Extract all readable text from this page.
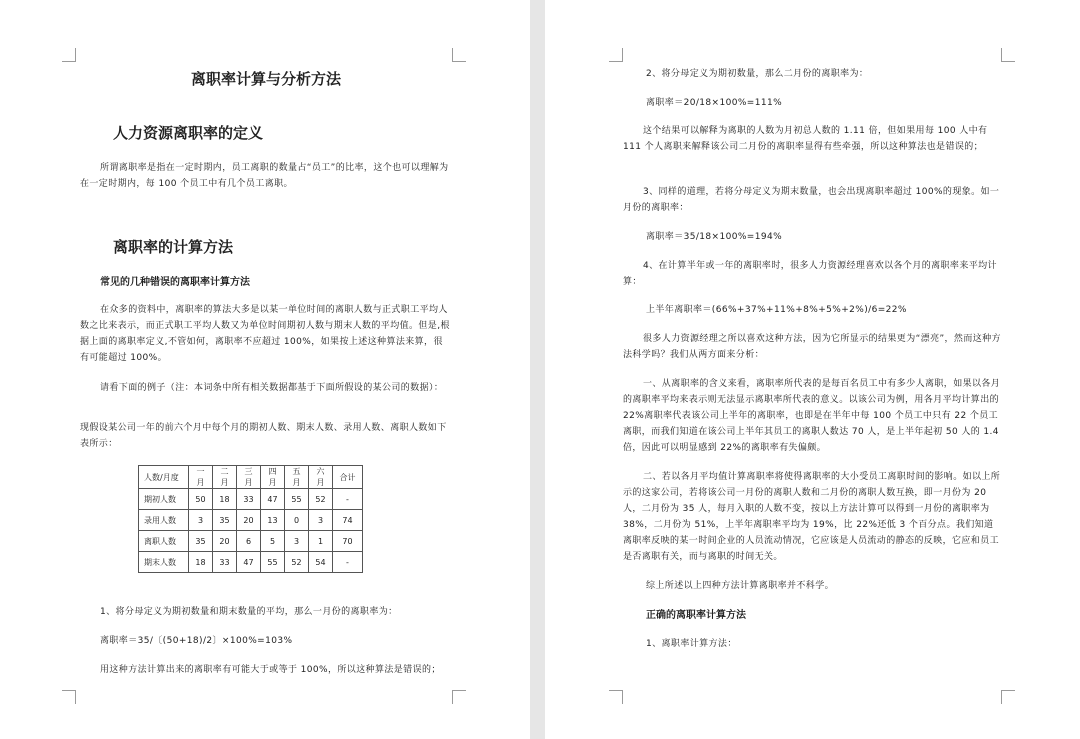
离职率计算与分析方法
人力资源离职率的定义
所谓离职率是指在一定时期内，员工离职的数量占“员工”的比率，这个也可以理解为在一定时期内，每 100 个员工中有几个员工离职。
离职率的计算方法
常见的几种错误的离职率计算方法
在众多的资料中，离职率的算法大多是以某一单位时间的离职人数与正式职工平均人数之比来表示，而正式职工平均人数又为单位时间期初人数与期末人数的平均值。但是,根据上面的离职率定义,不管如何，离职率不应超过 100%，如果按上述这种算法来算，很有可能超过 100%。
请看下面的例子（注：本词条中所有相关数据都基于下面所假设的某公司的数据）：
现假设某公司一年的前六个月中每个月的期初人数、期末人数、录用人数、离职人数如下表所示：
人数/月度	一月	二月	三月	四月	五月	六月	合计
期初人数	50	18	33	47	55	52	-
录用人数	3	35	20	13	0	3	74
离职人数	35	20	6	5	3	1	70
期末人数	18	33	47	55	52	54	-
1、将分母定义为期初数量和期末数量的平均，那么一月份的离职率为：
离职率＝35/〔(50+18)/2〕×100%=103%
用这种方法计算出来的离职率有可能大于或等于 100%，所以这种算法是错误的；
2、将分母定义为期初数量，那么二月份的离职率为：
离职率＝20/18×100%=111%
这个结果可以解释为离职的人数为月初总人数的 1.11 倍，但如果用每 100 人中有 111 个人离职来解释该公司二月份的离职率显得有些牵强，所以这种算法也是错误的；
3、同样的道理，若将分母定义为期末数量，也会出现离职率超过 100%的现象。如一月份的离职率：
离职率＝35/18×100%=194%
4、在计算半年或一年的离职率时，很多人力资源经理喜欢以各个月的离职率来平均计算：
上半年离职率＝(66%+37%+11%+8%+5%+2%)/6=22%
很多人力资源经理之所以喜欢这种方法，因为它所显示的结果更为“漂亮”，然而这种方法科学吗？我们从两方面来分析：
一、从离职率的含义来看，离职率所代表的是每百名员工中有多少人离职，如果以各月的离职率平均来表示则无法显示离职率所代表的意义。以该公司为例，用各月平均计算出的 22%离职率代表该公司上半年的离职率，也即是在半年中每 100 个员工中只有 22 个员工离职，而我们知道在该公司上半年其员工的离职人数达 70 人，是上半年起初 50 人的 1.4 倍，因此可以明显感到 22%的离职率有失偏颇。
二、若以各月平均值计算离职率将使得离职率的大小受员工离职时间的影响。如以上所示的这家公司，若将该公司一月份的离职人数和二月份的离职人数互换，即一月份为 20 人，二月份为 35 人，每月入职的人数不变，按以上方法计算可以得到一月份的离职率为 38%，二月份为 51%，上半年离职率平均为 19%，比 22%还低 3 个百分点。我们知道离职率反映的某一时间企业的人员流动情况，它应该是人员流动的静态的反映，它应和员工是否离职有关，而与离职的时间无关。
综上所述以上四种方法计算离职率并不科学。
正确的离职率计算方法
1、离职率计算方法：
